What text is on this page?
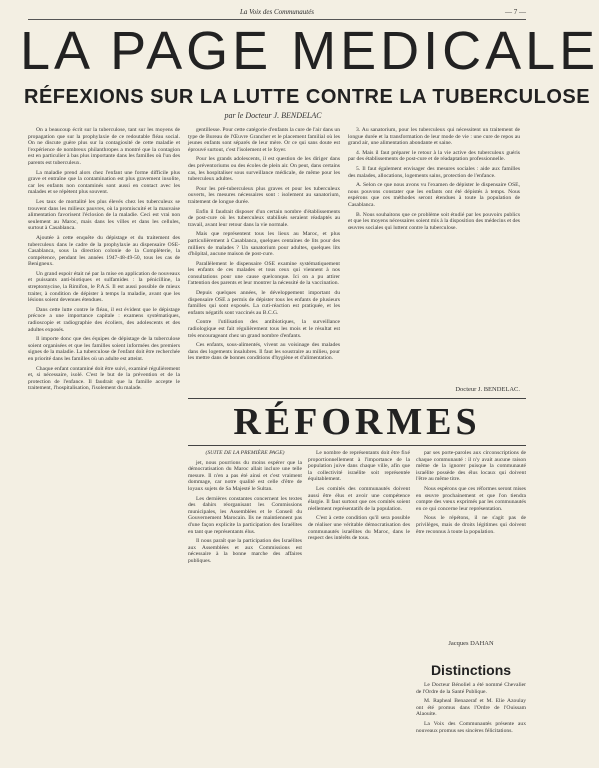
La Voix des Communautés	— 7 —
LA PAGE MEDICALE
RÉFEXIONS SUR LA LUTTE CONTRE LA TUBERCULOSE
par le Docteur J. BENDELAC

On a beaucoup écrit sur la tuberculose, tant sur les moyens de propagation que sur la prophylaxie de ce redoutable fléau social. On ne discute guère plus sur la contagiosité de cette maladie et l'expérience de nombreux philanthropes a montré que la contagion est en particulier à bas plus importante dans les familles où l'un des parents est tuberculeux.

La maladie prend alors chez l'enfant une forme difficile plus grave et entraîne que la contamination est plus gravement insolite, car les enfants non contaminés sont aussi en contact avec les malades et se répètent plus souvent.

Les taux de mortalité les plus élevés chez les tuberculeux se trouvent dans les milieux pauvres, où la promiscuité et la mauvaise alimentation favorisent l'éclosion de la maladie. Ceci est vrai non seulement au Maroc, mais dans les villes et dans les cellules, surtout à Casablanca.

Ajoutée à cette enquête du dépistage et du traitement des tuberculeux dans le cadre de la prophylaxie au dispensaire OSE-Casablanca, sous la direction colonie de la Complèterie, la compétence, pendant les années 1947-48-49-50, tous les cas de Benigneux.

Un grand espoir était né par la mise en application de nouveaux et puissants anti-biotiques et sulfamides : la pénicilline, la streptomycine, la Rimifon, le P.A.S. Il est aussi possible de mieux traiter, à condition de dépister à temps la maladie, avant que les lésions soient devenues étendues.

Dans cette lutte contre le fléau, il est évident que le dépistage précoce a une importance capitale : examens systématiques, radioscopie et radiographie des écoliers, des adolescents et des adultes exposés.

Il importe donc que des équipes de dépistage de la tuberculose soient organisées et que les familles soient informées des premiers signes de la maladie. La tuberculose de l'enfant doit être recherchée en priorité dans les familles où un adulte est atteint.

Chaque enfant contaminé doit être suivi, examiné régulièrement et, si nécessaire, isolé. C'est le but de la prévention et de la protection de l'enfance. Il faudrait que la famille accepte le traitement, l'hospitalisation, l'isolement du malade.

gentillesse. Pour cette catégorie d'enfants la cure de l'air dans un type de Bureau de l'Œuvre Grancher et le placement familial où les jeunes enfants sont séparés de leur mère. Or ce qui sans doute est éprouvé surtout, c'est l'isolement et le foyer.

Pour les grands adolescents, il est question de les diriger dans des préventoriums ou des écoles de plein air. On peut, dans certains cas, les hospitaliser sous surveillance médicale, de même pour les tuberculeux adultes.

Pour les pré-tuberculeux plus graves et pour les tuberculeux ouverts, les mesures nécessaires sont : isolement au sanatorium, traitement de longue durée.

Enfin il faudrait disposer d'un certain nombre d'établissements de post-cure où les tuberculeux stabilisés seraient réadaptés au travail, avant leur retour dans la vie normale.

Mais que représentent tous les lieux au Maroc, et plus particulièrement à Casablanca, quelques centaines de lits pour des milliers de malades ? Un sanatorium pour adultes, quelques lits d'hôpital, aucune maison de post-cure.

Parallèlement le dispensaire OSE examine systématiquement les enfants de ces malades et tous ceux qui viennent à nos consultations pour une cause quelconque. Ici on a pu attirer l'attention des parents et leur montrer la nécessité de la vaccination.

Depuis quelques années, le développement important du dispensaire OSE a permis de dépister tous les enfants de plusieurs familles qui sont exposés. La cuti-réaction est pratiquée, et les enfants négatifs sont vaccinés au B.C.G.

Contre l'utilisation des antibiotiques, la surveillance radiologique est fait régulièrement tous les mois et le résultat est très encourageant chez un grand nombre d'enfants.

Ces enfants, sous-alimentés, vivent au voisinage des malades dans des logements insalubres. Il faut les soustraire au milieu, pour les mettre dans de bonnes conditions d'hygiène et d'alimentation.

3. Au sanatorium, pour les tuberculeux qui nécessitent un traitement de longue durée et la transformation de leur mode de vie : une cure de repos au grand air, une alimentation abondante et saine.

4. Mais il faut préparer le retour à la vie active des tuberculeux guéris par des établissements de post-cure et de réadaptation professionnelle.

5. Il faut également envisager des mesures sociales : aide aux familles des malades, allocations, logements sains, protection de l'enfance.

A. Selon ce que nous avons vu l'examen de dépister le dispensaire OSE, nous pouvons constater que les enfants ont été dépistés à temps. Nous espérons que ces méthodes seront étendues à toute la population de Casablanca.

B. Nous souhaitons que ce problème soit étudié par les pouvoirs publics et que les moyens nécessaires soient mis à la disposition des médecins et des œuvres sociales qui luttent contre la tuberculose.

Docteur J. BENDELAC.
RÉFORMES
(SUITE DE LA PREMIÈRE PAGE)

jet, nous pourrions du moins espérer que la démocratisation du Maroc allait inclure une telle mesure. Il n'en a pas été ainsi et c'est vraiment dommage, car notre qualité est celle d'être de loyaux sujets de Sa Majesté le Sultan.

Les dernières constantes concernent les textes des dahirs réorganisant les Commissions municipales, les Assemblées et le Conseil du Gouvernement Marocain. Ils ne maintiennent pas d'une façon explicite la participation des Israélites en tant que représentants élus.

Il nous paraît que la participation des Israélites aux Assemblées et aux Commissions est nécessaire à la bonne marche des affaires publiques.

Le nombre de représentants doit être fixé proportionnellement à l'importance de la population juive dans chaque ville, afin que la collectivité israélite soit représentée équitablement.

Les comités des communautés doivent aussi être élus et avoir une compétence élargie. Il faut surtout que ces comités soient réellement représentatifs de la population.

C'est à cette condition qu'il sera possible de réaliser une véritable démocratisation des communautés israélites du Maroc, dans le respect des intérêts de tous.

par ses porte-paroles aux circonscriptions de chaque communauté : il n'y avait aucune raison même de la ignorer puisque la communauté israélite possède des élus locaux qui doivent l'être au même titre.

Nous espérons que ces réformes seront mises en œuvre prochainement et que l'on tiendra compte des vœux exprimés par les communautés en ce qui concerne leur représentation.

Nous le répétons, il ne s'agit pas de privilèges, mais de droits légitimes qui doivent être reconnus à toute la population.

Jacques DAHAN
Distinctions

Le Docteur Bénoliel a été nommé Chevalier de l'Ordre de la Santé Publique.

M. Rapheal Benazeraf et M. Elie Azoulay ont été promus dans l'Ordre de l'Ouissam Alaouite.

La Voix des Communautés présente aux nouveaux promus ses sincères félicitations.
